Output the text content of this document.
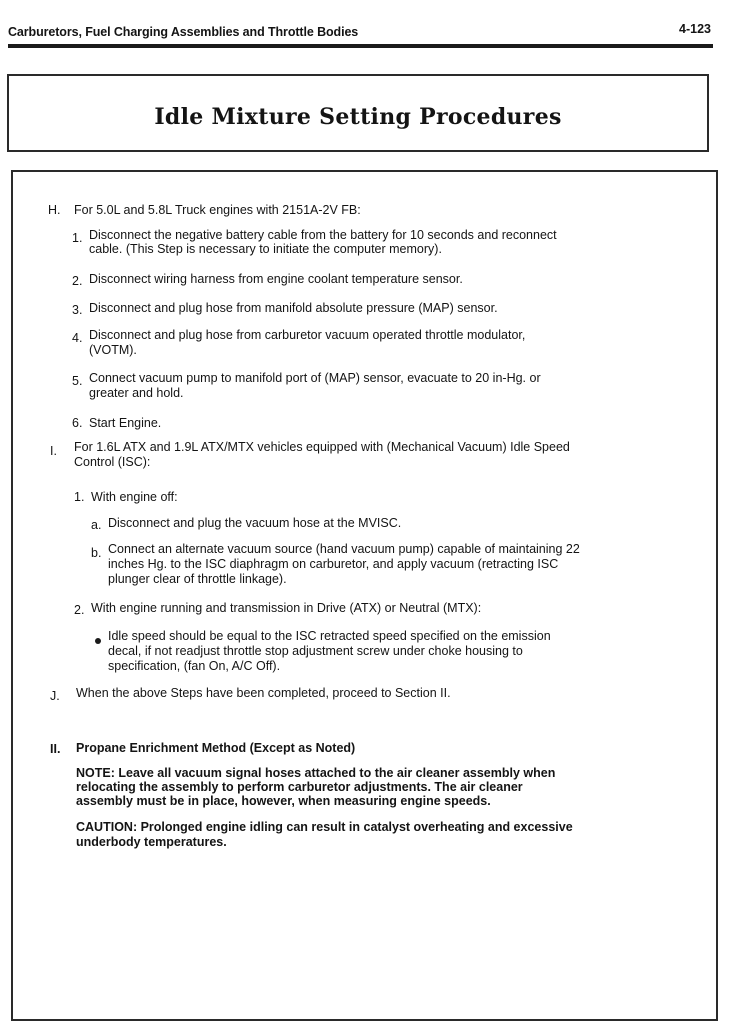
Carburetors, Fuel Charging Assemblies and Throttle Bodies	4-123
Idle Mixture Setting Procedures
H. For 5.0L and 5.8L Truck engines with 2151A-2V FB:
1. Disconnect the negative battery cable from the battery for 10 seconds and reconnect
cable. (This Step is necessary to initiate the computer memory).
2. Disconnect wiring harness from engine coolant temperature sensor.
3. Disconnect and plug hose from manifold absolute pressure (MAP) sensor.
4. Disconnect and plug hose from carburetor vacuum operated throttle modulator,
(VOTM).
5. Connect vacuum pump to manifold port of (MAP) sensor, evacuate to 20 in-Hg. or
greater and hold.
6. Start Engine.
I. For 1.6L ATX and 1.9L ATX/MTX vehicles equipped with (Mechanical Vacuum) Idle Speed
Control (ISC):
1. With engine off:
a. Disconnect and plug the vacuum hose at the MVISC.
b. Connect an alternate vacuum source (hand vacuum pump) capable of maintaining 22
inches Hg. to the ISC diaphragm on carburetor, and apply vacuum (retracting ISC
plunger clear of throttle linkage).
2. With engine running and transmission in Drive (ATX) or Neutral (MTX):
Idle speed should be equal to the ISC retracted speed specified on the emission
decal, if not readjust throttle stop adjustment screw under choke housing to
specification, (fan On, A/C Off).
J. When the above Steps have been completed, proceed to Section II.
II. Propane Enrichment Method (Except as Noted)
NOTE: Leave all vacuum signal hoses attached to the air cleaner assembly when
relocating the assembly to perform carburetor adjustments. The air cleaner
assembly must be in place, however, when measuring engine speeds.
CAUTION: Prolonged engine idling can result in catalyst overheating and excessive
underbody temperatures.
